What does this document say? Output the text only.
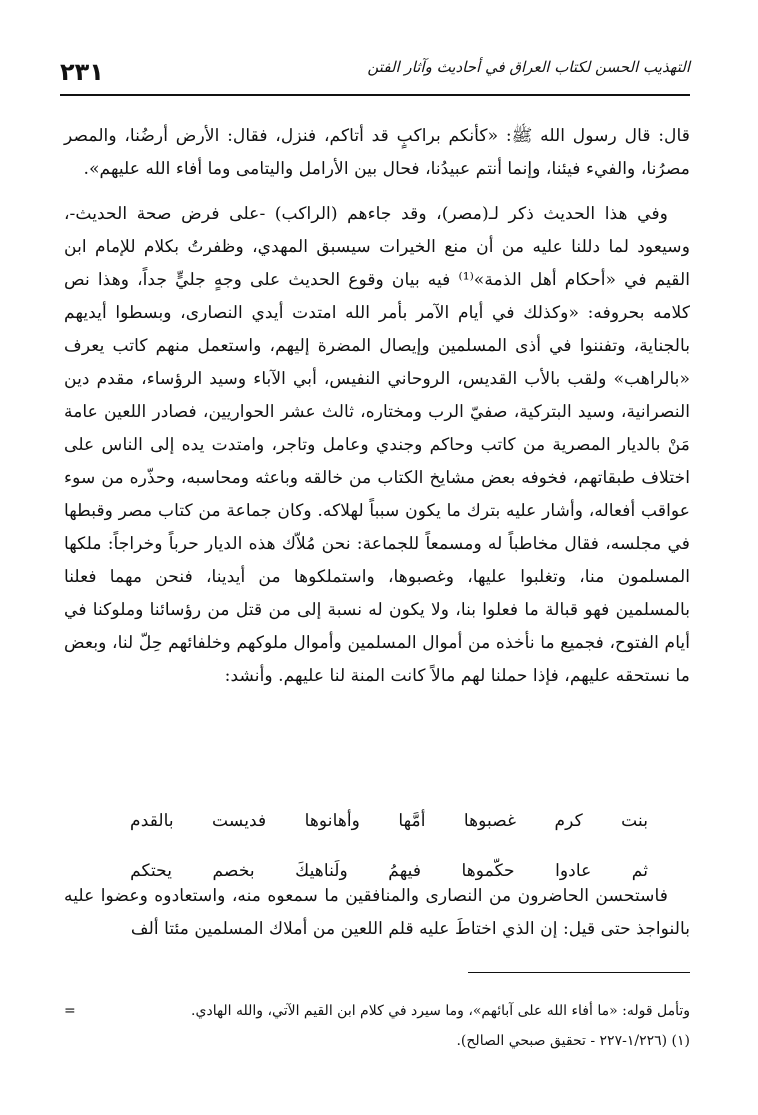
٢٣١	التهذيب الحسن لكتاب العراق في أحاديث وآثار الفتن

قال: قال رسول الله ﷺ: «كأنكم براكبٍ قد أتاكم، فنزل، فقال: الأرض أرضُنا، والمصر مصرُنا، والفيء فيئنا، وإنما أنتم عبيدُنا، فحال بين الأرامل واليتامى وما أفاء الله عليهم».

وفي هذا الحديث ذكر لـ(مصر)، وقد جاءهم (الراكب) -على فرض صحة الحديث-، وسيعود لما دللنا عليه من أن منع الخيرات سيسبق المهدي، وظفرتُ بكلام للإمام ابن القيم في «أحكام أهل الذمة»⁽¹⁾ فيه بيان وقوع الحديث على وجهٍ جليٍّ جداً، وهذا نص كلامه بحروفه: «وكذلك في أيام الآمر بأمر الله امتدت أيدي النصارى، وبسطوا أيديهم بالجناية، وتفننوا في أذى المسلمين وإيصال المضرة إليهم، واستعمل منهم كاتب يعرف «بالراهب» ولقب بالأب القديس، الروحاني النفيس، أبي الآباء وسيد الرؤساء، مقدم دين النصرانية، وسيد البتركية، صفيّ الرب ومختاره، ثالث عشر الحواريين، فصادر اللعين عامة مَنْ بالديار المصرية من كاتب وحاكم وجندي وعامل وتاجر، وامتدت يده إلى الناس على اختلاف طبقاتهم، فخوفه بعض مشايخ الكتاب من خالقه وباعثه ومحاسبه، وحذّره من سوء عواقب أفعاله، وأشار عليه بترك ما يكون سبباً لهلاكه. وكان جماعة من كتاب مصر وقبطها في مجلسه، فقال مخاطباً له ومسمعاً للجماعة: نحن مُلاّك هذه الديار حرباً وخراجاً: ملكها المسلمون منا، وتغلبوا عليها، وغصبوها، واستملكوها من أيدينا، فنحن مهما فعلنا بالمسلمين فهو قبالة ما فعلوا بنا، ولا يكون له نسبة إلى من قتل من رؤسائنا وملوكنا في أيام الفتوح، فجميع ما نأخذه من أموال المسلمين وأموال ملوكهم وخلفائهم حِلّ لنا، وبعض ما نستحقه عليهم، فإذا حملنا لهم مالاً كانت المنة لنا عليهم. وأنشد:

بنت
كرم
غصبوها
أمَّها
وأهانوها
فديست
بالقدم
ثم
عادوا
حكّموها
فيهمُ
ولَناهيكَ
بخصم
يحتكم

فاستحسن الحاضرون من النصارى والمنافقين ما سمعوه منه، واستعادوه وعضوا عليه بالنواجذ حتى قيل: إن الذي اختاطَ عليه قلم اللعين من أملاك المسلمين مئتا ألف

=	وتأمل قوله: «ما أفاء الله على آبائهم»، وما سيرد في كلام ابن القيم الآتي، والله الهادي.

(١) (١/٢٢٦-٢٢٧ - تحقيق صبحي الصالح).
